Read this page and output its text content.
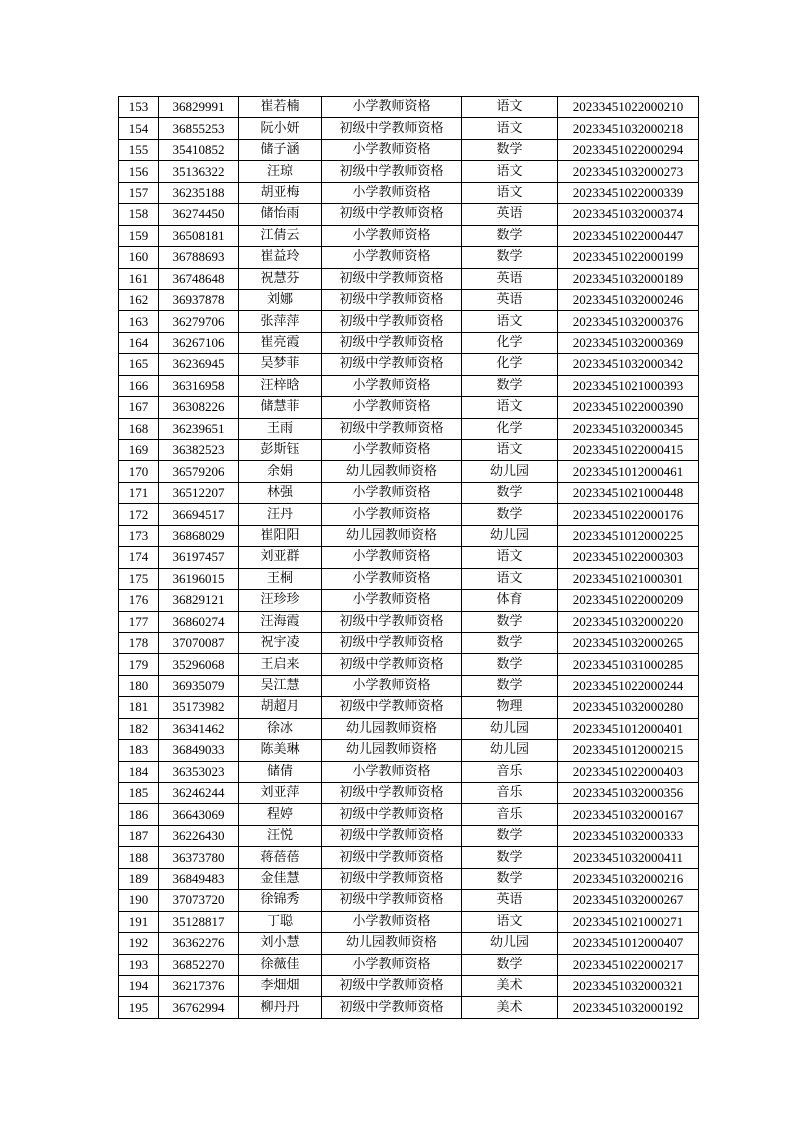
153	36829991	崔若楠	小学教师资格	语文	20233451022000210
154	36855253	阮小妍	初级中学教师资格	语文	20233451032000218
155	35410852	储子涵	小学教师资格	数学	20233451022000294
156	35136322	汪琼	初级中学教师资格	语文	20233451032000273
157	36235188	胡亚梅	小学教师资格	语文	20233451022000339
158	36274450	储怡雨	初级中学教师资格	英语	20233451032000374
159	36508181	江倩云	小学教师资格	数学	20233451022000447
160	36788693	崔益玲	小学教师资格	数学	20233451022000199
161	36748648	祝慧芬	初级中学教师资格	英语	20233451032000189
162	36937878	刘娜	初级中学教师资格	英语	20233451032000246
163	36279706	张萍萍	初级中学教师资格	语文	20233451032000376
164	36267106	崔亮霞	初级中学教师资格	化学	20233451032000369
165	36236945	吴梦菲	初级中学教师资格	化学	20233451032000342
166	36316958	汪梓晗	小学教师资格	数学	20233451021000393
167	36308226	储慧菲	小学教师资格	语文	20233451022000390
168	36239651	王雨	初级中学教师资格	化学	20233451032000345
169	36382523	彭斯钰	小学教师资格	语文	20233451022000415
170	36579206	余娟	幼儿园教师资格	幼儿园	20233451012000461
171	36512207	林强	小学教师资格	数学	20233451021000448
172	36694517	汪丹	小学教师资格	数学	20233451022000176
173	36868029	崔阳阳	幼儿园教师资格	幼儿园	20233451012000225
174	36197457	刘亚群	小学教师资格	语文	20233451022000303
175	36196015	王桐	小学教师资格	语文	20233451021000301
176	36829121	汪珍珍	小学教师资格	体育	20233451022000209
177	36860274	汪海霞	初级中学教师资格	数学	20233451032000220
178	37070087	祝宇凌	初级中学教师资格	数学	20233451032000265
179	35296068	王启来	初级中学教师资格	数学	20233451031000285
180	36935079	吴江慧	小学教师资格	数学	20233451022000244
181	35173982	胡超月	初级中学教师资格	物理	20233451032000280
182	36341462	徐冰	幼儿园教师资格	幼儿园	20233451012000401
183	36849033	陈美琳	幼儿园教师资格	幼儿园	20233451012000215
184	36353023	储倩	小学教师资格	音乐	20233451022000403
185	36246244	刘亚萍	初级中学教师资格	音乐	20233451032000356
186	36643069	程婷	初级中学教师资格	音乐	20233451032000167
187	36226430	汪悦	初级中学教师资格	数学	20233451032000333
188	36373780	蒋蓓蓓	初级中学教师资格	数学	20233451032000411
189	36849483	金佳慧	初级中学教师资格	数学	20233451032000216
190	37073720	徐锦秀	初级中学教师资格	英语	20233451032000267
191	35128817	丁聪	小学教师资格	语文	20233451021000271
192	36362276	刘小慧	幼儿园教师资格	幼儿园	20233451012000407
193	36852270	徐薇佳	小学教师资格	数学	20233451022000217
194	36217376	李畑畑	初级中学教师资格	美术	20233451032000321
195	36762994	柳丹丹	初级中学教师资格	美术	20233451032000192
